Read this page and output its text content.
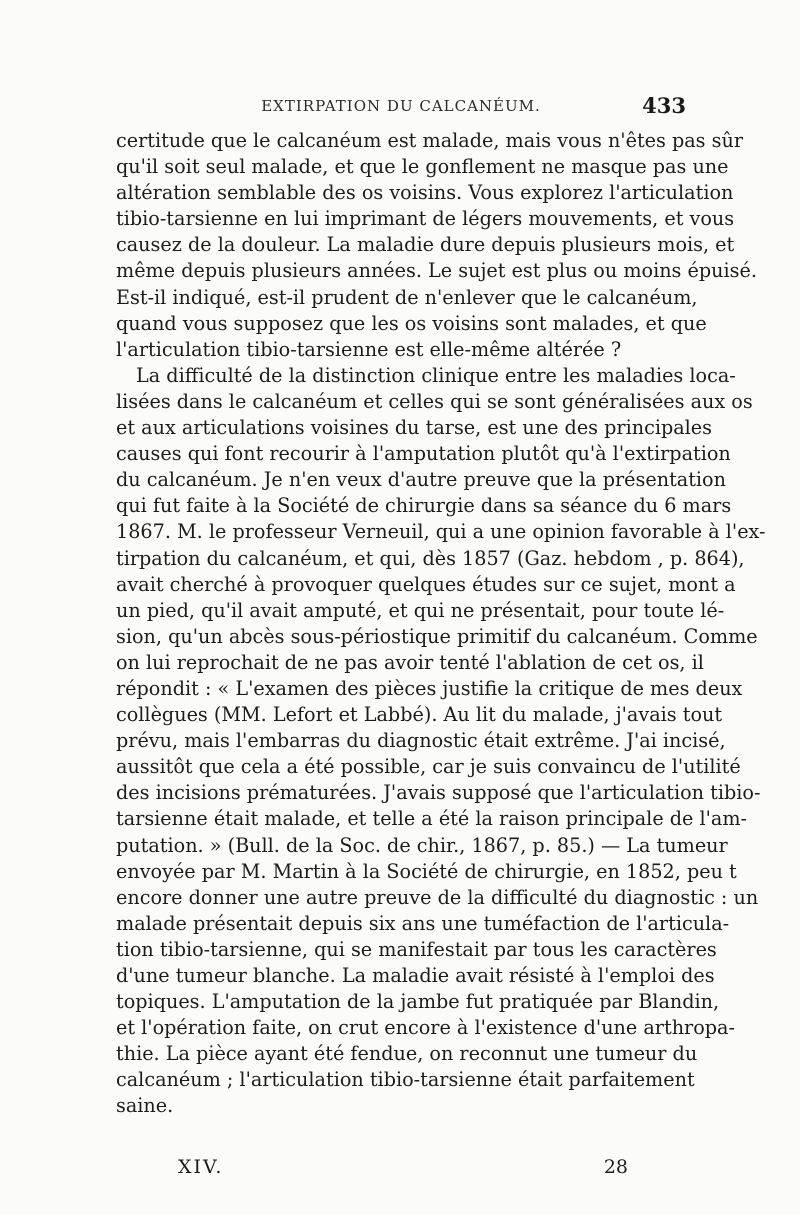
EXTIRPATION DU CALCANÉUM.	433
certitude que le calcanéum est malade, mais vous n'êtes pas sûr
qu'il soit seul malade, et que le gonflement ne masque pas une
altération semblable des os voisins. Vous explorez l'articulation
tibio-tarsienne en lui imprimant de légers mouvements, et vous
causez de la douleur. La maladie dure depuis plusieurs mois, et
même depuis plusieurs années. Le sujet est plus ou moins épuisé.
Est-il indiqué, est-il prudent de n'enlever que le calcanéum,
quand vous supposez que les os voisins sont malades, et que
l'articulation tibio-tarsienne est elle-même altérée ?
La difficulté de la distinction clinique entre les maladies loca-
lisées dans le calcanéum et celles qui se sont généralisées aux os
et aux articulations voisines du tarse, est une des principales
causes qui font recourir à l'amputation plutôt qu'à l'extirpation
du calcanéum. Je n'en veux d'autre preuve que la présentation
qui fut faite à la Société de chirurgie dans sa séance du 6 mars
1867. M. le professeur Verneuil, qui a une opinion favorable à l'ex-
tirpation du calcanéum, et qui, dès 1857 (Gaz. hebdom , p. 864),
avait cherché à provoquer quelques études sur ce sujet, mont a
un pied, qu'il avait amputé, et qui ne présentait, pour toute lé-
sion, qu'un abcès sous-périostique primitif du calcanéum. Comme
on lui reprochait de ne pas avoir tenté l'ablation de cet os, il
répondit : « L'examen des pièces justifie la critique de mes deux
collègues (MM. Lefort et Labbé). Au lit du malade, j'avais tout
prévu, mais l'embarras du diagnostic était extrême. J'ai incisé,
aussitôt que cela a été possible, car je suis convaincu de l'utilité
des incisions prématurées. J'avais supposé que l'articulation tibio-
tarsienne était malade, et telle a été la raison principale de l'am-
putation. » (Bull. de la Soc. de chir., 1867, p. 85.) — La tumeur
envoyée par M. Martin à la Société de chirurgie, en 1852, peu t
encore donner une autre preuve de la difficulté du diagnostic : un
malade présentait depuis six ans une tuméfaction de l'articula-
tion tibio-tarsienne, qui se manifestait par tous les caractères
d'une tumeur blanche. La maladie avait résisté à l'emploi des
topiques. L'amputation de la jambe fut pratiquée par Blandin,
et l'opération faite, on crut encore à l'existence d'une arthropa-
thie. La pièce ayant été fendue, on reconnut une tumeur du
calcanéum ; l'articulation tibio-tarsienne était parfaitement
saine.
XIV.	28
